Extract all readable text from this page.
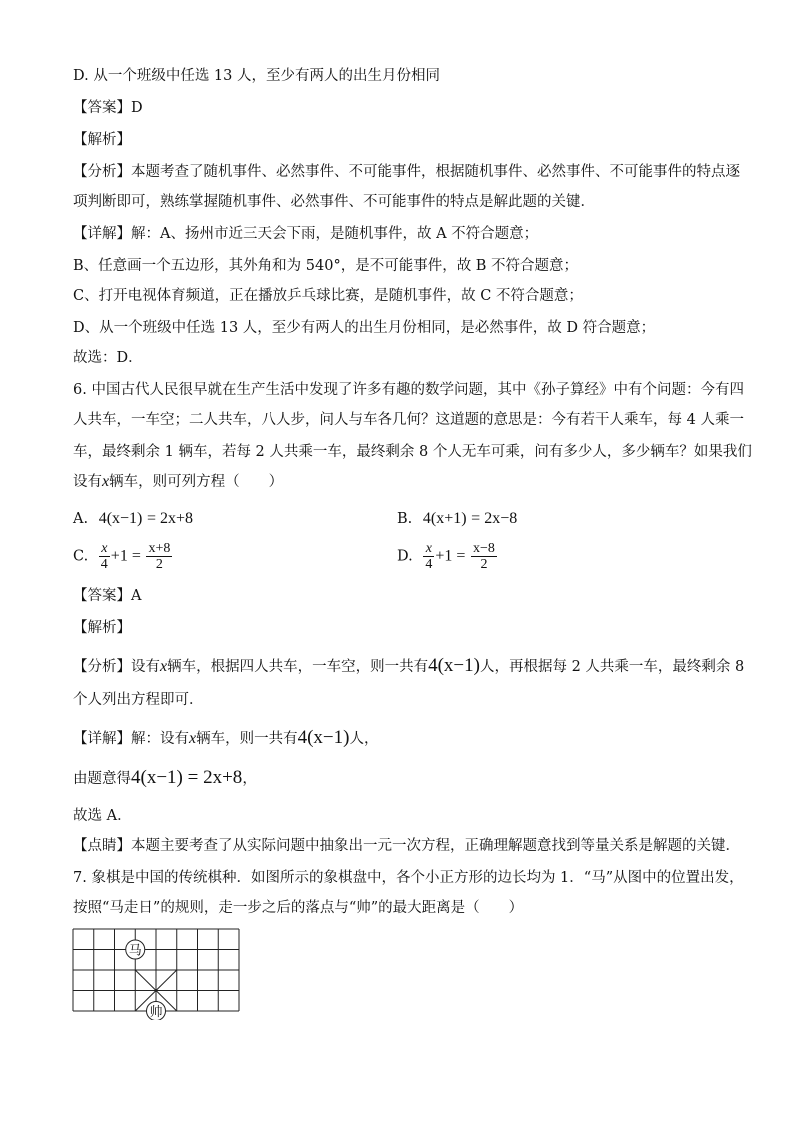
D. 从一个班级中任选 13 人，至少有两人的出生月份相同
【答案】D
【解析】
【分析】本题考查了随机事件、必然事件、不可能事件，根据随机事件、必然事件、不可能事件的特点逐
项判断即可，熟练掌握随机事件、必然事件、不可能事件的特点是解此题的关键．
【详解】解：A、扬州市近三天会下雨，是随机事件，故 A 不符合题意；
B、任意画一个五边形，其外角和为 540°，是不可能事件，故 B 不符合题意；
C、打开电视体育频道，正在播放乒乓球比赛，是随机事件，故 C 不符合题意；
D、从一个班级中任选 13 人，至少有两人的出生月份相同，是必然事件，故 D 符合题意；
故选：D．
6. 中国古代人民很早就在生产生活中发现了许多有趣的数学问题，其中《孙子算经》中有个问题：今有四
人共车，一车空；二人共车，八人步，问人与车各几何？这道题的意思是：今有若干人乘车，每 4 人乘一
车，最终剩余 1 辆车，若每 2 人共乘一车，最终剩余 8 个人无车可乘，问有多少人，多少辆车？如果我们
设有x辆车，则可列方程（　　）
A. 4(x−1) = 2x+8	B. 4(x+1) = 2x−8
C. $\frac{x}{4} +1 = \frac{x+8}{2}$	D. $\frac{x}{4} +1 = \frac{x-8}{2}$
【答案】A
【解析】
【分析】设有x辆车，根据四人共车，一车空，则一共有4(x−1)人，再根据每 2 人共乘一车，最终剩余 8
个人列出方程即可．
【详解】解：设有x辆车，则一共有4(x−1)人，
由题意得4(x−1) = 2x+8，
故选 A．
【点睛】本题主要考查了从实际问题中抽象出一元一次方程，正确理解题意找到等量关系是解题的关键．
7. 象棋是中国的传统棋种．如图所示的象棋盘中，各个小正方形的边长均为 1．“马”从图中的位置出发，
按照“马走日”的规则，走一步之后的落点与“帅”的最大距离是（　　）
马
帅
